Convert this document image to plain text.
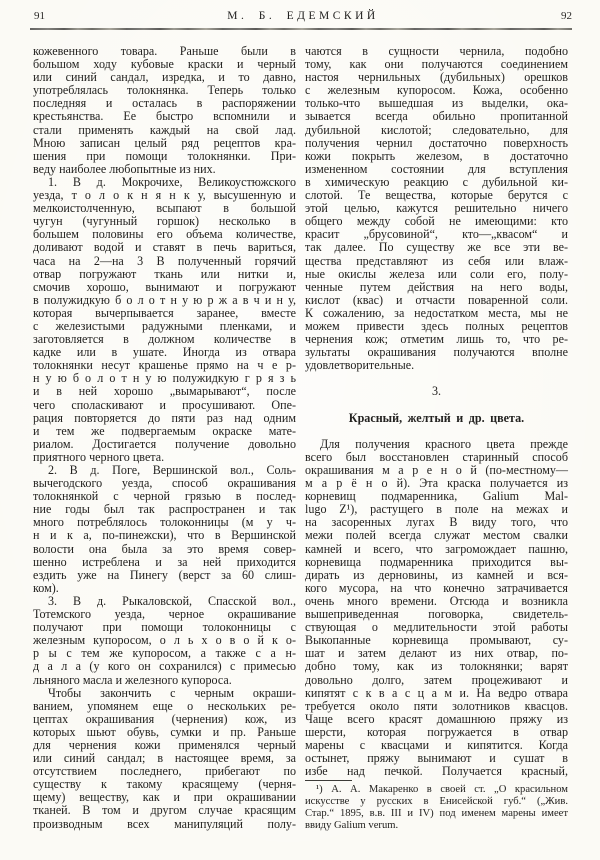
91	М. Б. ЕДЕМСКИЙ	92
кожевенного товара. Раньше были в
большом ходу кубовые краски и черный
или синий сандал, изредка, и то давно,
употреблялась толокнянка. Теперь только
последняя и осталась в распоряжении
крестьянства. Ее быстро вспомнили и
стали применять каждый на свой лад.
Мною записан целый ряд рецептов кра-
шения при помощи толокнянки. При-
веду наиболее любопытные из них.
1. В д. Мокрочихе, Великоустюжского
уезда, т о л о к н я н к у, высушенную и
мелкоистолченную, всыпают в большой
чугун (чугунный горшок) несколько в
большем половины его объема количестве,
доливают водой и ставят в печь вариться,
часа на 2—на 3 В полученный горячий
отвар погружают ткань или нитки и,
смочив хорошо, вынимают и погружают
в полужидкую б о л о т н у ю р ж а в ч и н у,
которая вычерпывается заранее, вместе
с железистыми радужными пленками, и
заготовляется в должном количестве в
кадке или в ушате. Иногда из отвара
толокнянки несут крашенье прямо на ч е р-
н у ю б о л о т н у ю полужидкую г р я з ь
и в ней хорошо „вымарывают“, после
чего споласкивают и просушивают. Опе-
рация повторяется до пяти раз над одним
и тем же подвергаемым окраске мате-
риалом. Достигается получение довольно
приятного черного цвета.
2. В д. Поге, Вершинской вол., Соль-
вычегодского уезда, способ окрашивания
толокнянкой с черной грязью в послед-
ние годы был так распространен и так
много потреблялось толоконницы (м у ч-
н и к а, по-пинежски), что в Вершинской
волости она была за это время совер-
шенно истреблена и за ней приходится
ездить уже на Пинегу (верст за 60 слиш-
ком).
3. В д. Рыкаловской, Спасской вол.,
Тотемского уезда, черное окрашивание
получают при помощи толоконницы с
железным купоросом, о л ь х о в о й к о-
р ы с тем же купоросом, а также с а н-
д а л а (у кого он сохранился) с примесью
льняного масла и железного купороса.
Чтобы закончить с черным окраши-
ванием, упомянем еще о нескольких ре-
цептах окрашивания (чернения) кож, из
которых шьют обувь, сумки и пр. Раньше
для чернения кожи применялся черный
или синий сандал; в настоящее время, за
отсутствием последнего, прибегают по
существу к такому красящему (черня-
щему) веществу, как и при окрашивании
тканей. В том и другом случае красящим
производным всех манипуляций полу-
чаются в сущности чернила, подобно
тому, как они получаются соединением
настоя чернильных (дубильных) орешков
с железным купоросом. Кожа, особенно
только-что вышедшая из выделки, ока-
зывается всегда обильно пропитанной
дубильной кислотой; следовательно, для
получения чернил достаточно поверхность
кожи покрыть железом, в достаточно
измененном состоянии для вступления
в химическую реакцию с дубильной ки-
слотой. Те вещества, которые берутся с
этой целью, кажутся решительно ничего
общего между собой не имеющими: кто
красит „брусовиной“, кто—„квасом“ и
так далее. По существу же все эти ве-
щества представляют из себя или влаж-
ные окислы железа или соли его, полу-
ченные путем действия на него воды,
кислот (квас) и отчасти поваренной соли.
К сожалению, за недостатком места, мы не
можем привести здесь полных рецептов
чернения кож; отметим лишь то, что ре-
зультаты окрашивания получаются вполне
удовлетворительные.

3.

Красный, желтый и др. цвета.

Для получения красного цвета прежде
всего был восстановлен старинный способ
окрашивания м а р е н о й (по-местному—
м а р ё н о й). Эта краска получается из
корневищ подмаренника, Galium Mal-
lugo Z¹), растущего в поле на межах и
на засоренных лугах В виду того, что
межи полей всегда служат местом свалки
камней и всего, что загромождает пашню,
корневища подмаренника приходится вы-
дирать из дерновины, из камней и вся-
кого мусора, на что конечно затрачивается
очень много времени. Отсюда и возникла
вышеприведенная поговорка, свидетель-
ствующая о медлительности этой работы
Выкопанные корневища промывают, су-
шат и затем делают из них отвар, по-
добно тому, как из толокнянки; варят
довольно долго, затем процеживают и
кипятят с к в а с ц а м и. На ведро отвара
требуется около пяти золотников квасцов.
Чаще всего красят домашнюю пряжу из
шерсти, которая погружается в отвар
марены с квасцами и кипятится. Когда
остынет, пряжу вынимают и сушат в
избе над печкой. Получается красный,
¹) А. А. Макаренко в своей ст. „О красильном
искусстве у русских в Енисейской губ.“ („Жив.
Стар.“ 1895, в.в. III и IV) под именем марены имеет
ввиду Galium verum.
